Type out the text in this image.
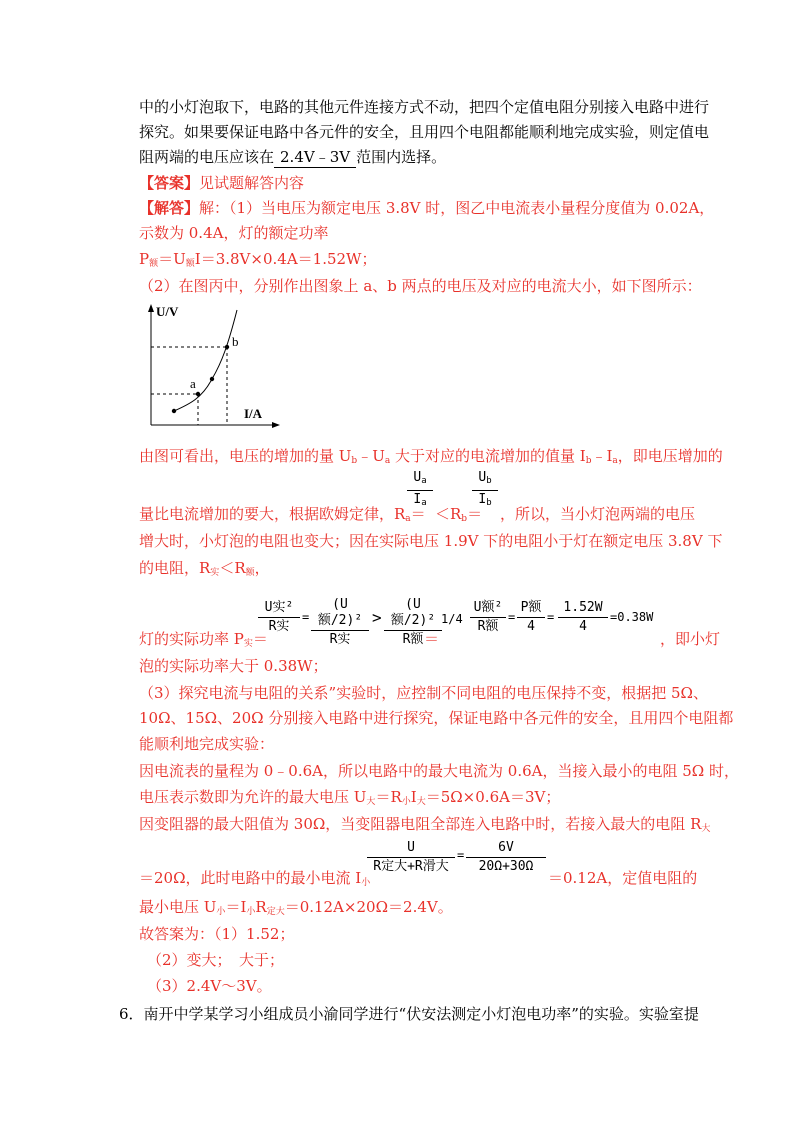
中的小灯泡取下，电路的其他元件连接方式不动，把四个定值电阻分别接入电路中进行
探究。如果要保证电路中各元件的安全，且用四个电阻都能顺利地完成实验，则定值电
阻两端的电压应该在 2.4V﹣3V 范围内选择。
【答案】见试题解答内容
【解答】解：（1）当电压为额定电压 3.8V 时，图乙中电流表小量程分度值为 0.02A，
示数为 0.4A，灯的额定功率
$P_额=U_额I=3.8V\times 0.4A=1.52W$；
（2）在图丙中，分别作出图象上 a、b 两点的电压及对应的电流大小，如下图所示：
U/V
I/A
a
b
由图可看出，电压的增加的量 $U_b﹣U_a$ 大于对应的电流增加的值量 $I_b﹣I_a$，即电压增加的
量比电流增加的要大，根据欧姆定律，$R_a=$
$U_a$
$I_a$
$<R_b=$
$U_b$
$I_b$
，所以，当小灯泡两端的电压
增大时，小灯泡的电阻也变大；因在实际电压 1.9V 下的电阻小于灯在额定电压 3.8V 下
的电阻，$R_实<R_额$，
灯的实际功率 $P_实=$
U实²
R实
=
(U额/2)²
R实
>
(U额/2)²
R额 ＝
1/4
U额²
R额
=
P额
4
=
1.52W
4
=0.38W
，即小灯
泡的实际功率大于 0.38W；
（3）探究电流与电阻的关系”实验时，应控制不同电阻的电压保持不变，根据把 5Ω、
10Ω、15Ω、20Ω 分别接入电路中进行探究，保证电路中各元件的安全，且用四个电阻都
能顺利地完成实验：
因电流表的量程为 0﹣0.6A，所以电路中的最大电流为 0.6A，当接入最小的电阻 5Ω 时，
电压表示数即为允许的最大电压 $U_大=R_小I_大=5\Omega\times 0.6A=3V$；
因变阻器的最大阻值为 30Ω，当变阻器电阻全部连入电路中时，若接入最大的电阻 $R_大$
＝20Ω，此时电路中的最小电流 $I_小$
U
R定大+R滑大
=	6V
20Ω+30Ω
＝0.12A，定值电阻的
最小电压 $U_小=I_小R_{定大}=0.12A\times 20\Omega=2.4V$。
故答案为：（1）1.52；
（2）变大；　大于；
（3）2.4V～3V。
6．南开中学某学习小组成员小渝同学进行“伏安法测定小灯泡电功率”的实验。实验室提
